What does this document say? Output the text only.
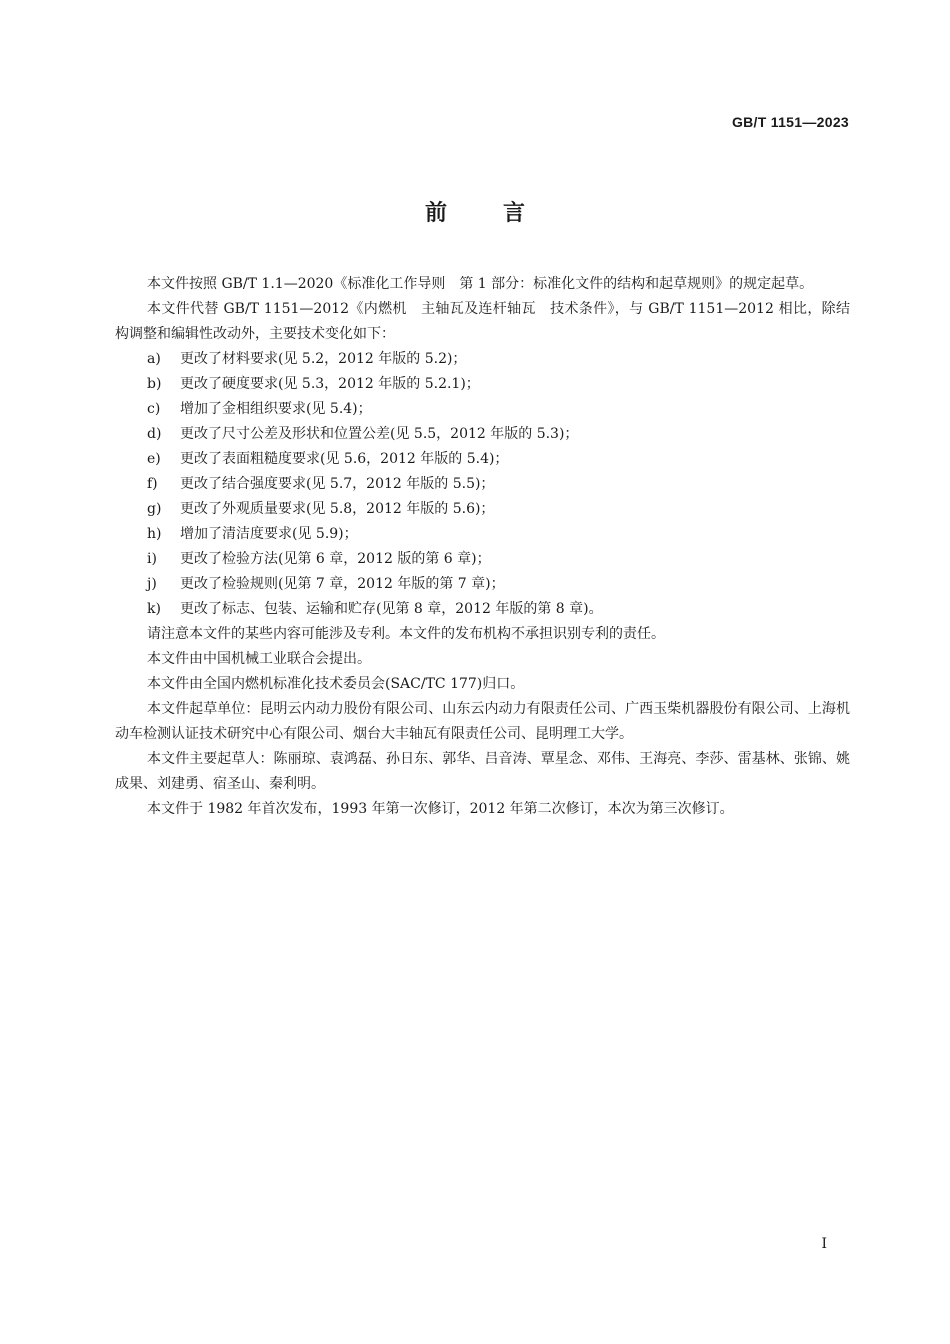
GB/T 1151—2023
前言

本文件按照 GB/T 1.1—2020《标准化工作导则　第 1 部分：标准化文件的结构和起草规则》的规定起草。

本文件代替 GB/T 1151—2012《内燃机　主轴瓦及连杆轴瓦　技术条件》，与 GB/T 1151—2012 相比，除结构调整和编辑性改动外，主要技术变化如下：

a)	更改了材料要求(见 5.2，2012 年版的 5.2)；
b)	更改了硬度要求(见 5.3，2012 年版的 5.2.1)；
c)	增加了金相组织要求(见 5.4)；
d)	更改了尺寸公差及形状和位置公差(见 5.5，2012 年版的 5.3)；
e)	更改了表面粗糙度要求(见 5.6，2012 年版的 5.4)；
f)	更改了结合强度要求(见 5.7，2012 年版的 5.5)；
g)	更改了外观质量要求(见 5.8，2012 年版的 5.6)；
h)	增加了清洁度要求(见 5.9)；
i)	更改了检验方法(见第 6 章，2012 版的第 6 章)；
j)	更改了检验规则(见第 7 章，2012 年版的第 7 章)；
k)	更改了标志、包装、运输和贮存(见第 8 章，2012 年版的第 8 章)。

请注意本文件的某些内容可能涉及专利。本文件的发布机构不承担识别专利的责任。

本文件由中国机械工业联合会提出。

本文件由全国内燃机标准化技术委员会(SAC/TC 177)归口。

本文件起草单位：昆明云内动力股份有限公司、山东云内动力有限责任公司、广西玉柴机器股份有限公司、上海机动车检测认证技术研究中心有限公司、烟台大丰轴瓦有限责任公司、昆明理工大学。

本文件主要起草人：陈丽琼、袁鸿磊、孙日东、郭华、吕音涛、覃星念、邓伟、王海亮、李莎、雷基林、张锦、姚成果、刘建勇、宿圣山、秦利明。

本文件于 1982 年首次发布，1993 年第一次修订，2012 年第二次修订，本次为第三次修订。

I
